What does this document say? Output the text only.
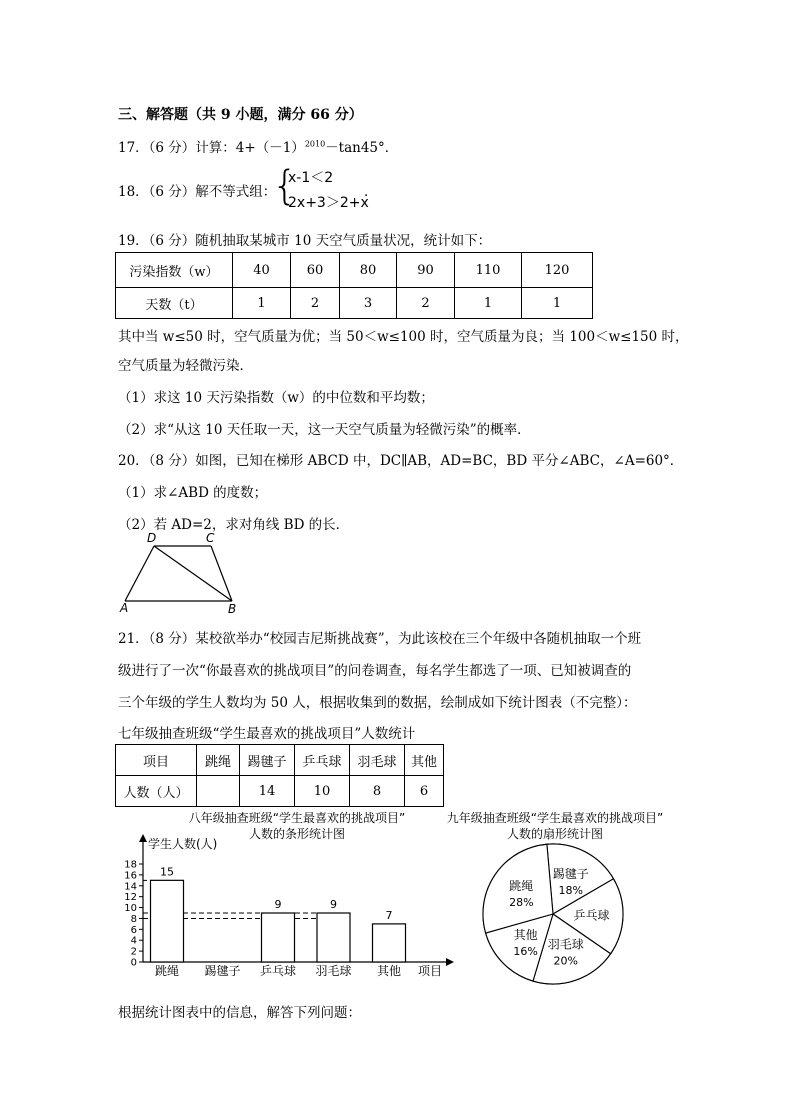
三、解答题（共 9 小题，满分 66 分）
17．（6 分）计算：$4+(-1)^{2010}-\tan 45^\circ$．
18．（6 分）解不等式组：
{
x-1＜2
2x+3＞2+x
．
19．（6 分）随机抽取某城市 10 天空气质量状况，统计如下：
污染指数（w）	40	60	80	90	110	120
天数（t）	1	2	3	2	1	1
其中当 w≤50 时，空气质量为优；当 50＜w≤100 时，空气质量为良；当 100＜w≤150 时，
空气质量为轻微污染．
（1）求这 10 天污染指数（w）的中位数和平均数；
（2）求“从这 10 天任取一天，这一天空气质量为轻微污染”的概率．
20．（8 分）如图，已知在梯形 ABCD 中，DC∥AB，AD=BC，BD 平分∠ABC，∠A=60°．
（1）求∠ABD 的度数；
（2）若 AD=2，求对角线 BD 的长．
D	C
A	B
21．（8 分）某校欲举办“校园吉尼斯挑战赛”，为此该校在三个年级中各随机抽取一个班
级进行了一次“你最喜欢的挑战项目”的问卷调查，每名学生都选了一项、已知被调查的
三个年级的学生人数均为 50 人，根据收集到的数据，绘制成如下统计图表（不完整）：
七年级抽查班级“学生最喜欢的挑战项目”人数统计
项目	跳绳	踢毽子	乒乓球	羽毛球	其他
人数（人）		14	10	8	6
八年级抽查班级“学生最喜欢的挑战项目”
人数的条形统计图
九年级抽查班级“学生最喜欢的挑战项目”
人数的扇形统计图
学生人数(人)
项目
0
2
4
6
8
10
12
14
16
18
15
跳绳 踢毽子
9
乒乓球
9
羽毛球
7
其他
跳绳
28%
踢毽子
18%
乒乓球
羽毛球
20%
其他
16%
根据统计图表中的信息，解答下列问题：
